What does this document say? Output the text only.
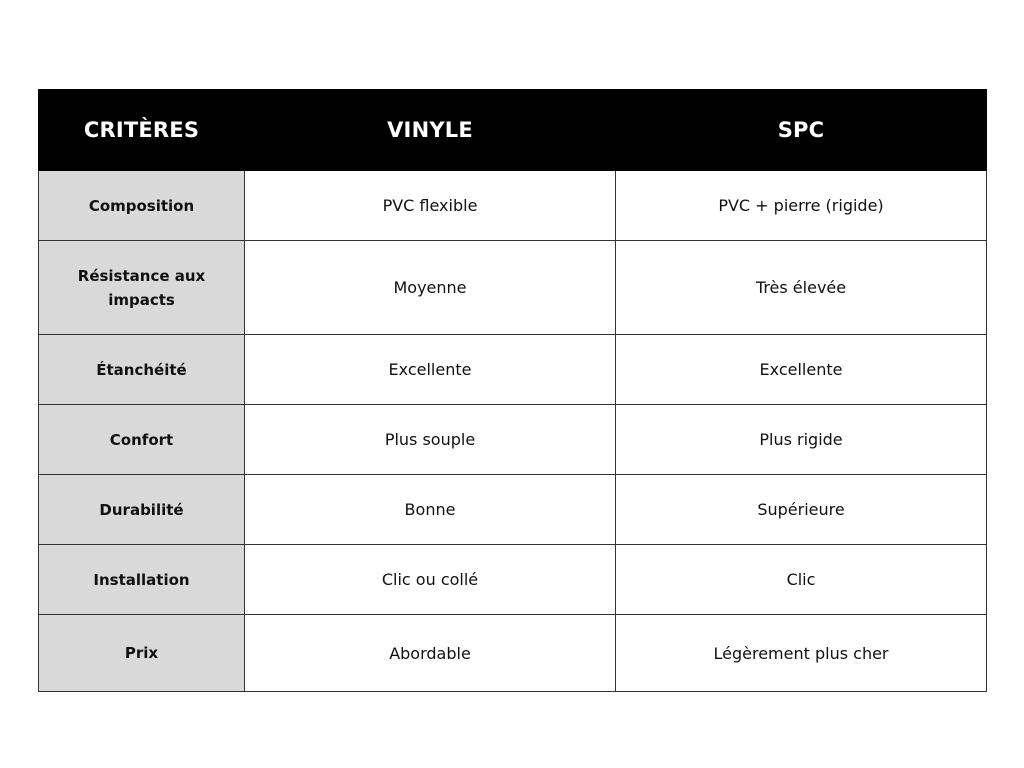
CRITÈRES	VINYLE	SPC
Composition	PVC flexible	PVC + pierre (rigide)
Résistance aux impacts	Moyenne	Très élevée
Étanchéité	Excellente	Excellente
Confort	Plus souple	Plus rigide
Durabilité	Bonne	Supérieure
Installation	Clic ou collé	Clic
Prix	Abordable	Légèrement plus cher
